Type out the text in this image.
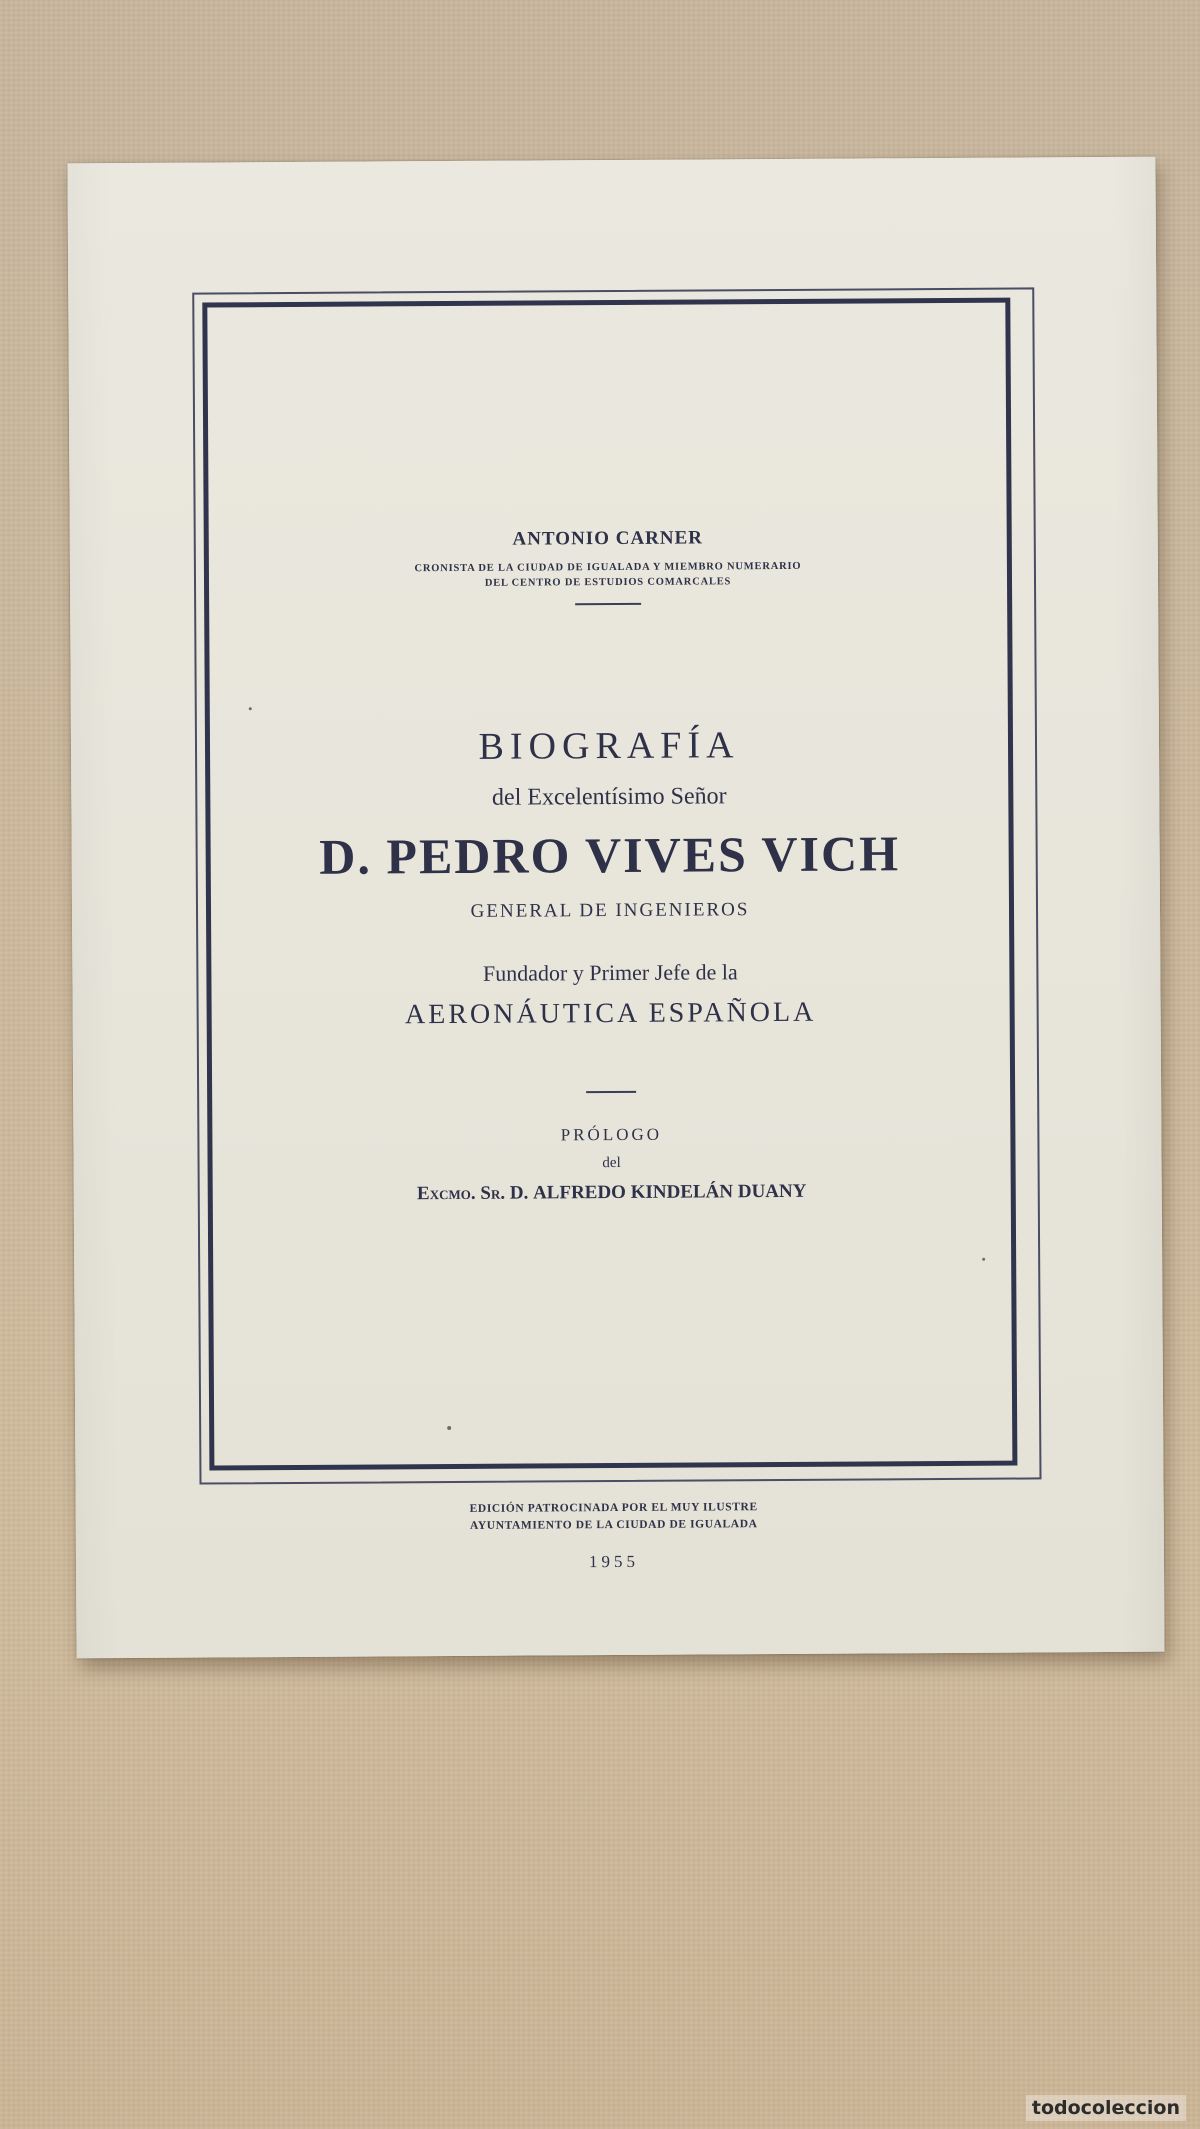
ANTONIO CARNER
CRONISTA DE LA CIUDAD DE IGUALADA Y MIEMBRO NUMERARIO
DEL CENTRO DE ESTUDIOS COMARCALES
BIOGRAFÍA
del Excelentísimo Señor
D. PEDRO VIVES VICH
GENERAL DE INGENIEROS
Fundador y Primer Jefe de la
AERONÁUTICA ESPAÑOLA
PRÓLOGO
del
Excmo. Sr. D. ALFREDO KINDELÁN DUANY
EDICIÓN PATROCINADA POR EL MUY ILUSTRE
AYUNTAMIENTO DE LA CIUDAD DE IGUALADA
1955
todocoleccion
